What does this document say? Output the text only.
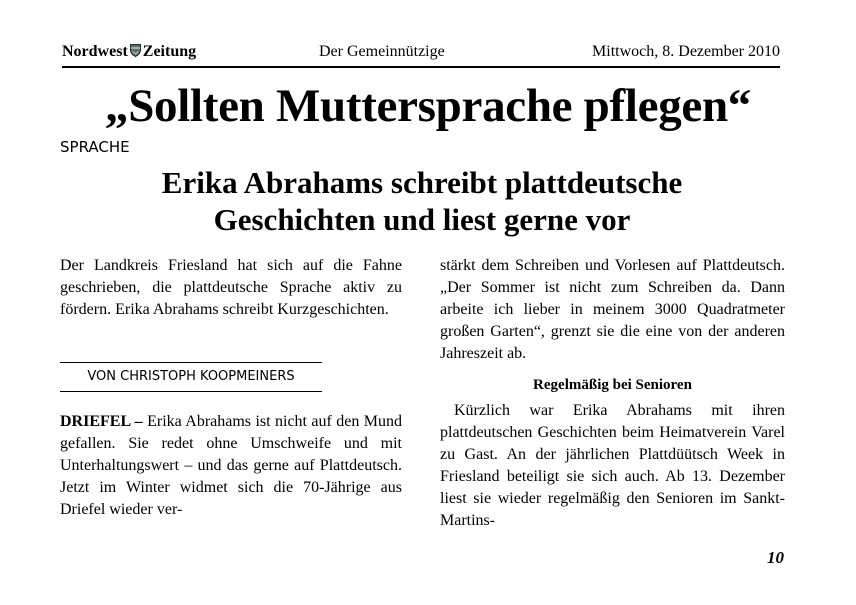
Nordwest Zeitung	Der Gemeinnützige	Mittwoch, 8. Dezember 2010
„Sollten Muttersprache pflegen“
SPRACHE
Erika Abrahams schreibt plattdeutsche
Geschichten und liest gerne vor

Der Landkreis Friesland hat sich auf die Fahne geschrieben, die plattdeutsche Sprache aktiv zu fördern. Erika Abrahams schreibt Kurzgeschichten.

VON CHRISTOPH KOOPMEINERS

DRIEFEL – Erika Abrahams ist nicht auf den Mund gefallen. Sie redet ohne Umschweife und mit Unterhaltungswert – und das gerne auf Plattdeutsch. Jetzt im Winter widmet sich die 70-Jährige aus Driefel wieder ver-

stärkt dem Schreiben und Vorlesen auf Plattdeutsch. „Der Sommer ist nicht zum Schreiben da. Dann arbeite ich lieber in meinem 3000 Quadratmeter großen Garten“, grenzt sie die eine von der anderen Jahreszeit ab.

Regelmäßig bei Senioren

Kürzlich war Erika Abrahams mit ihren plattdeutschen Geschichten beim Heimatverein Varel zu Gast. An der jährlichen Plattdüütsch Week in Friesland beteiligt sie sich auch. Ab 13. Dezember liest sie wieder regelmäßig den Senioren im Sankt-Martins-

10
